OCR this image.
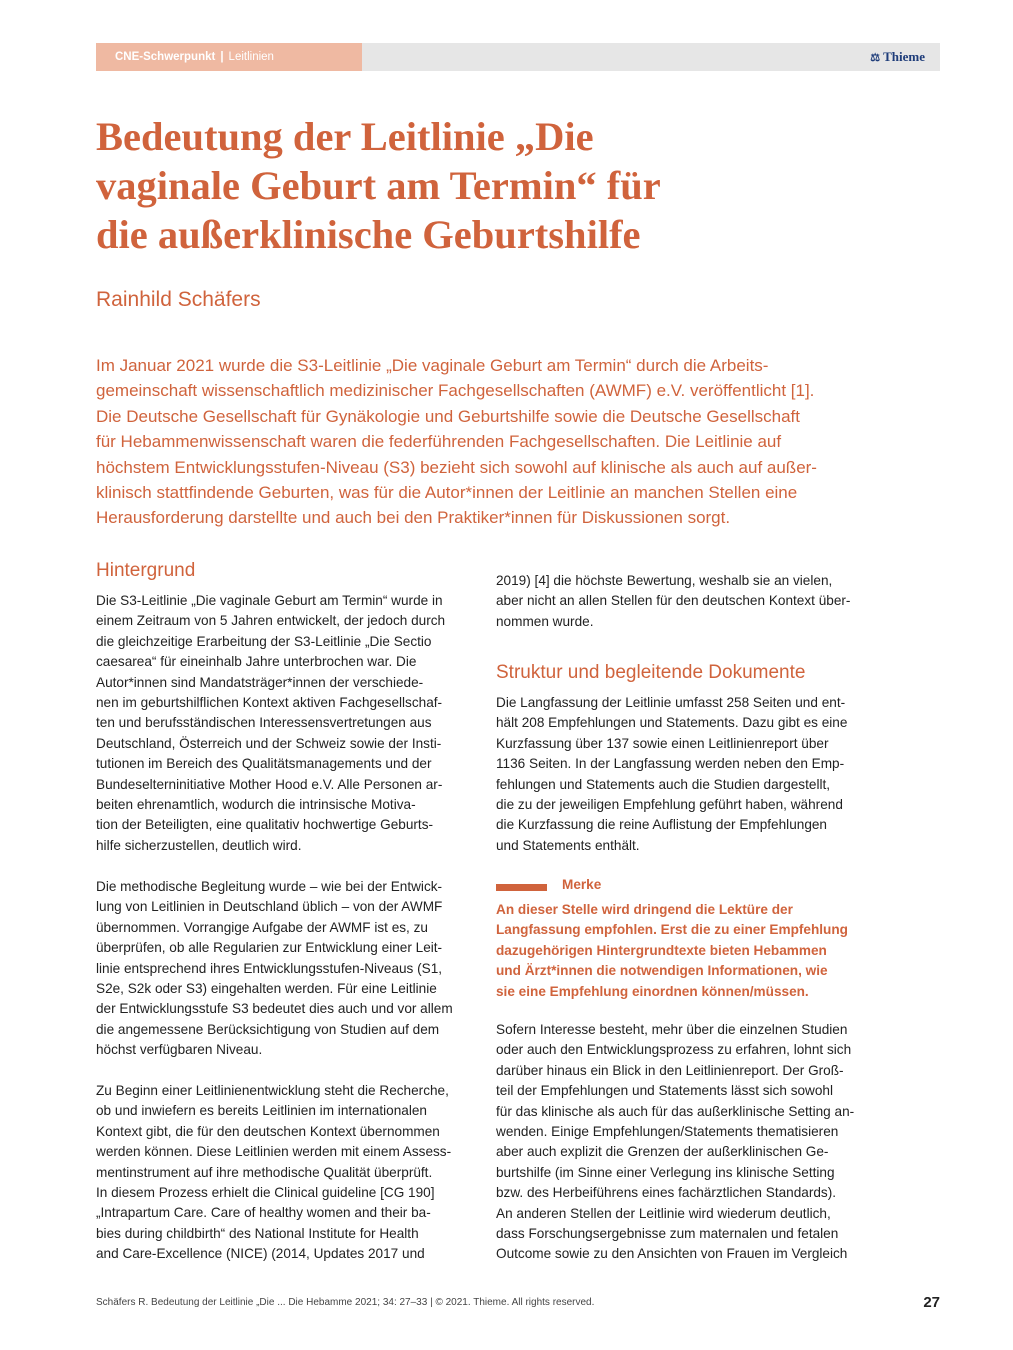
CNE-Schwerpunkt | Leitlinien	⚖ Thieme
Bedeutung der Leitlinie „Die
vaginale Geburt am Termin“ für
die außerklinische Geburtshilfe
Rainhild Schäfers

Im Januar 2021 wurde die S3-Leitlinie „Die vaginale Geburt am Termin“ durch die Arbeits-
gemeinschaft wissenschaftlich medizinischer Fachgesellschaften (AWMF) e.V. veröffentlicht [1].
Die Deutsche Gesellschaft für Gynäkologie und Geburtshilfe sowie die Deutsche Gesellschaft
für Hebammenwissenschaft waren die federführenden Fachgesellschaften. Die Leitlinie auf
höchstem Entwicklungsstufen-Niveau (S3) bezieht sich sowohl auf klinische als auch auf außer-
klinisch stattfindende Geburten, was für die Autor*innen der Leitlinie an manchen Stellen eine
Herausforderung darstellte und auch bei den Praktiker*innen für Diskussionen sorgt.

Hintergrund

Die S3-Leitlinie „Die vaginale Geburt am Termin“ wurde in
einem Zeitraum von 5 Jahren entwickelt, der jedoch durch
die gleichzeitige Erarbeitung der S3-Leitlinie „Die Sectio
caesarea“ für eineinhalb Jahre unterbrochen war. Die
Autor*innen sind Mandatsträger*innen der verschiede-
nen im geburtshilflichen Kontext aktiven Fachgesellschaf-
ten und berufsständischen Interessensvertretungen aus
Deutschland, Österreich und der Schweiz sowie der Insti-
tutionen im Bereich des Qualitätsmanagements und der
Bundeselterninitiative Mother Hood e.V. Alle Personen ar-
beiten ehrenamtlich, wodurch die intrinsische Motiva-
tion der Beteiligten, eine qualitativ hochwertige Geburts-
hilfe sicherzustellen, deutlich wird.

Die methodische Begleitung wurde – wie bei der Entwick-
lung von Leitlinien in Deutschland üblich – von der AWMF
übernommen. Vorrangige Aufgabe der AWMF ist es, zu
überprüfen, ob alle Regularien zur Entwicklung einer Leit-
linie entsprechend ihres Entwicklungsstufen-Niveaus (S1,
S2e, S2k oder S3) eingehalten werden. Für eine Leitlinie
der Entwicklungsstufe S3 bedeutet dies auch und vor allem
die angemessene Berücksichtigung von Studien auf dem
höchst verfügbaren Niveau.

Zu Beginn einer Leitlinienentwicklung steht die Recherche,
ob und inwiefern es bereits Leitlinien im internationalen
Kontext gibt, die für den deutschen Kontext übernommen
werden können. Diese Leitlinien werden mit einem Assess-
mentinstrument auf ihre methodische Qualität überprüft.
In diesem Prozess erhielt die Clinical guideline [CG 190]
„Intrapartum Care. Care of healthy women and their ba-
bies during childbirth“ des National Institute for Health
and Care-Excellence (NICE) (2014, Updates 2017 und

2019) [4] die höchste Bewertung, weshalb sie an vielen,
aber nicht an allen Stellen für den deutschen Kontext über-
nommen wurde.

Struktur und begleitende Dokumente

Die Langfassung der Leitlinie umfasst 258 Seiten und ent-
hält 208 Empfehlungen und Statements. Dazu gibt es eine
Kurzfassung über 137 sowie einen Leitlinienreport über
1136 Seiten. In der Langfassung werden neben den Emp-
fehlungen und Statements auch die Studien dargestellt,
die zu der jeweiligen Empfehlung geführt haben, während
die Kurzfassung die reine Auflistung der Empfehlungen
und Statements enthält.

Merke

An dieser Stelle wird dringend die Lektüre der
Langfassung empfohlen. Erst die zu einer Empfehlung
dazugehörigen Hintergrundtexte bieten Hebammen
und Ärzt*innen die notwendigen Informationen, wie
sie eine Empfehlung einordnen können/müssen.

Sofern Interesse besteht, mehr über die einzelnen Studien
oder auch den Entwicklungsprozess zu erfahren, lohnt sich
darüber hinaus ein Blick in den Leitlinienreport. Der Groß-
teil der Empfehlungen und Statements lässt sich sowohl
für das klinische als auch für das außerklinische Setting an-
wenden. Einige Empfehlungen/Statements thematisieren
aber auch explizit die Grenzen der außerklinischen Ge-
burtshilfe (im Sinne einer Verlegung ins klinische Setting
bzw. des Herbeiführens eines fachärztlichen Standards).
An anderen Stellen der Leitlinie wird wiederum deutlich,
dass Forschungsergebnisse zum maternalen und fetalen
Outcome sowie zu den Ansichten von Frauen im Vergleich

Schäfers R. Bedeutung der Leitlinie „Die ... Die Hebamme 2021; 34: 27–33 | © 2021. Thieme. All rights reserved.	27
